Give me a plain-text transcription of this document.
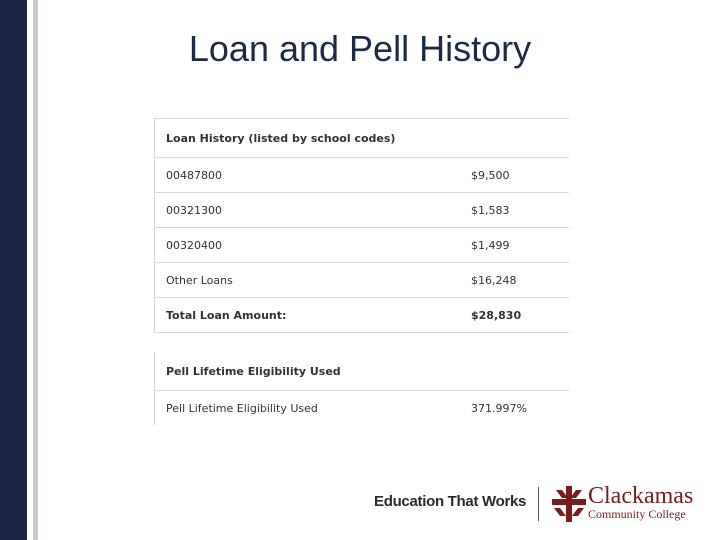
Loan and Pell History
Loan History (listed by school codes)
00487800	$9,500
00321300	$1,583
00320400	$1,499
Other Loans	$16,248
Total Loan Amount:	$28,830
Pell Lifetime Eligibility Used
Pell Lifetime Eligibility Used	371.997%
Education That Works	Clackamas
Community College
